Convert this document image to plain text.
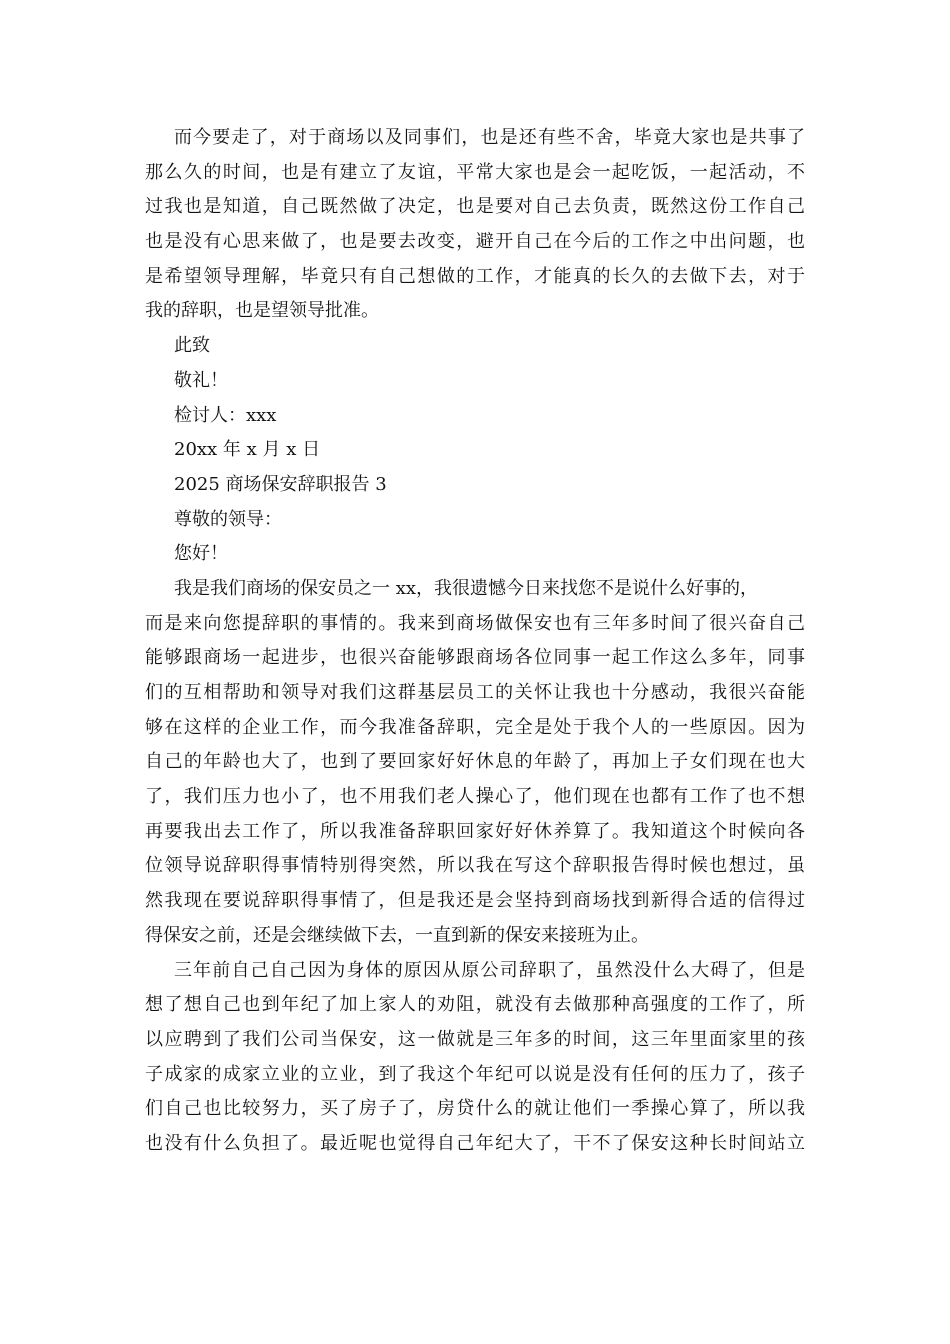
而今要走了，对于商场以及同事们，也是还有些不舍，毕竟大家也是共事了
那么久的时间，也是有建立了友谊，平常大家也是会一起吃饭，一起活动，不
过我也是知道，自己既然做了决定，也是要对自己去负责，既然这份工作自己
也是没有心思来做了，也是要去改变，避开自己在今后的工作之中出问题，也
是希望领导理解，毕竟只有自己想做的工作，才能真的长久的去做下去，对于
我的辞职，也是望领导批准。
此致
敬礼！
检讨人：xxx
20xx 年 x 月 x 日
2025 商场保安辞职报告 3
尊敬的领导：
您好！
我是我们商场的保安员之一 xx，我很遗憾今日来找您不是说什么好事的，
而是来向您提辞职的事情的。我来到商场做保安也有三年多时间了很兴奋自己
能够跟商场一起进步，也很兴奋能够跟商场各位同事一起工作这么多年，同事
们的互相帮助和领导对我们这群基层员工的关怀让我也十分感动，我很兴奋能
够在这样的企业工作，而今我准备辞职，完全是处于我个人的一些原因。因为
自己的年龄也大了，也到了要回家好好休息的年龄了，再加上子女们现在也大
了，我们压力也小了，也不用我们老人操心了，他们现在也都有工作了也不想
再要我出去工作了，所以我准备辞职回家好好休养算了。我知道这个时候向各
位领导说辞职得事情特别得突然，所以我在写这个辞职报告得时候也想过，虽
然我现在要说辞职得事情了，但是我还是会坚持到商场找到新得合适的信得过
得保安之前，还是会继续做下去，一直到新的保安来接班为止。
三年前自己自己因为身体的原因从原公司辞职了，虽然没什么大碍了，但是
想了想自己也到年纪了加上家人的劝阻，就没有去做那种高强度的工作了，所
以应聘到了我们公司当保安，这一做就是三年多的时间，这三年里面家里的孩
子成家的成家立业的立业，到了我这个年纪可以说是没有任何的压力了，孩子
们自己也比较努力，买了房子了，房贷什么的就让他们一季操心算了，所以我
也没有什么负担了。最近呢也觉得自己年纪大了，干不了保安这种长时间站立
